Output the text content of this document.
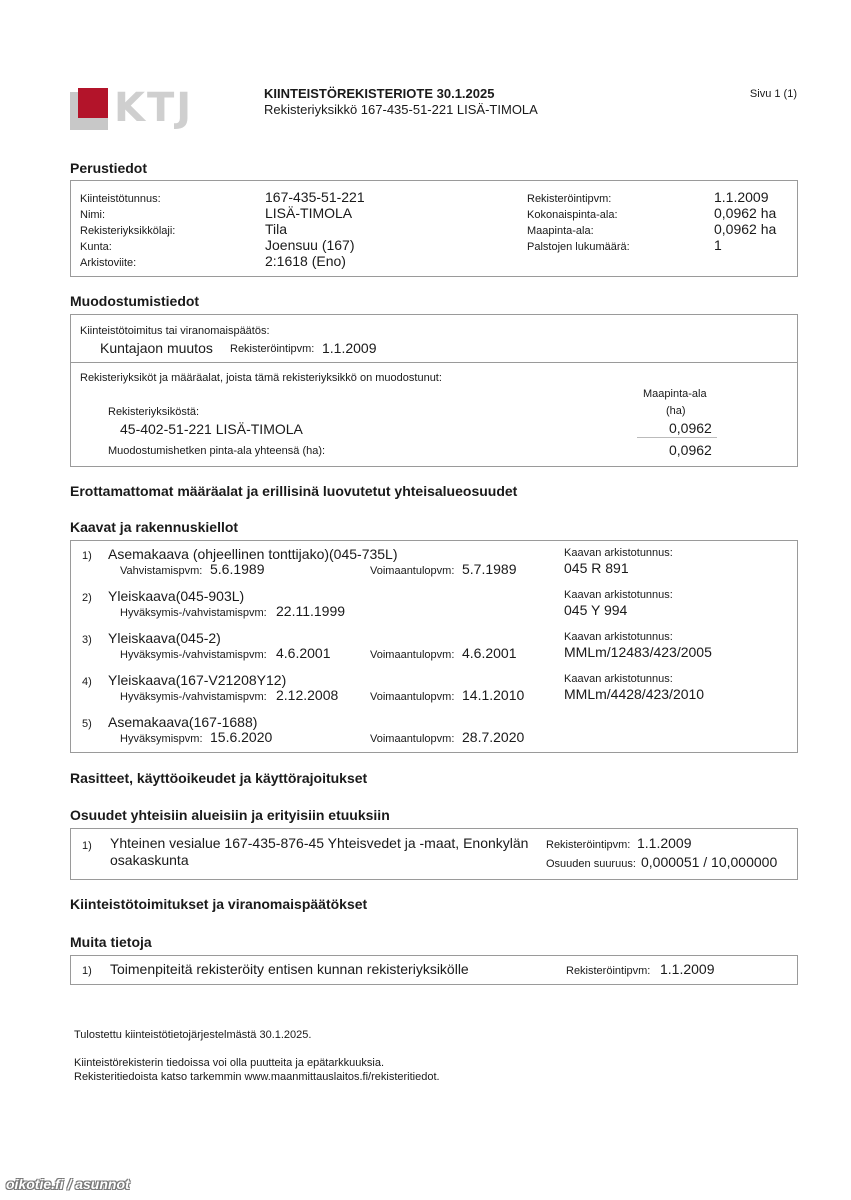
KTJ	KIINTEISTÖREKISTERIOTE 30.1.2025
Rekisteriyksikkö 167-435-51-221 LISÄ-TIMOLA
Sivu 1 (1)
Perustiedot
Kiinteistötunnus:	167-435-51-221
Nimi:	LISÄ-TIMOLA
Rekisteriyksikkölaji:	Tila
Kunta:	Joensuu (167)
Arkistoviite:	2:1618 (Eno)
Rekisteröintipvm:	1.1.2009
Kokonaispinta-ala:	0,0962 ha
Maapinta-ala:	0,0962 ha
Palstojen lukumäärä:	1
Muodostumistiedot
Kiinteistötoimitus tai viranomaispäätös:
Kuntajaon muutos Rekisteröintipvm: 1.1.2009
Rekisteriyksiköt ja määräalat, joista tämä rekisteriyksikkö on muodostunut:
Maapinta-ala
(ha)
Rekisteriyksiköstä:
45-402-51-221 LISÄ-TIMOLA	0,0962
Muodostumishetken pinta-ala yhteensä (ha):	0,0962
Erottamattomat määräalat ja erillisinä luovutetut yhteisalueosuudet
Kaavat ja rakennuskiellot
1) Asemakaava (ohjeellinen tonttijako)(045-735L)
Vahvistamispvm: 5.6.1989	Voimaantulopvm: 5.7.1989
Kaavan arkistotunnus:
045 R 891
2) Yleiskaava(045-903L)
Hyväksymis-/vahvistamispvm: 22.11.1999
Kaavan arkistotunnus:
045 Y 994
3) Yleiskaava(045-2)
Hyväksymis-/vahvistamispvm: 4.6.2001	Voimaantulopvm: 4.6.2001
Kaavan arkistotunnus:
MMLm/12483/423/2005
4) Yleiskaava(167-V21208Y12)
Hyväksymis-/vahvistamispvm: 2.12.2008	Voimaantulopvm: 14.1.2010
Kaavan arkistotunnus:
MMLm/4428/423/2010
5) Asemakaava(167-1688)
Hyväksymispvm: 15.6.2020	Voimaantulopvm: 28.7.2020
Rasitteet, käyttöoikeudet ja käyttörajoitukset
Osuudet yhteisiin alueisiin ja erityisiin etuuksiin
1) Yhteinen vesialue 167-435-876-45 Yhteisvedet ja -maat, Enonkylän
osakaskunta
Rekisteröintipvm: 1.1.2009
Osuuden suuruus: 0,000051 / 10,000000
Kiinteistötoimitukset ja viranomaispäätökset
Muita tietoja
1) Toimenpiteitä rekisteröity entisen kunnan rekisteriyksikölle	Rekisteröintipvm: 1.1.2009
Tulostettu kiinteistötietojärjestelmästä 30.1.2025.
Kiinteistörekisterin tiedoissa voi olla puutteita ja epätarkkuuksia.
Rekisteritiedoista katso tarkemmin www.maanmittauslaitos.fi/rekisteritiedot.
oikotie.fi / asunnot
